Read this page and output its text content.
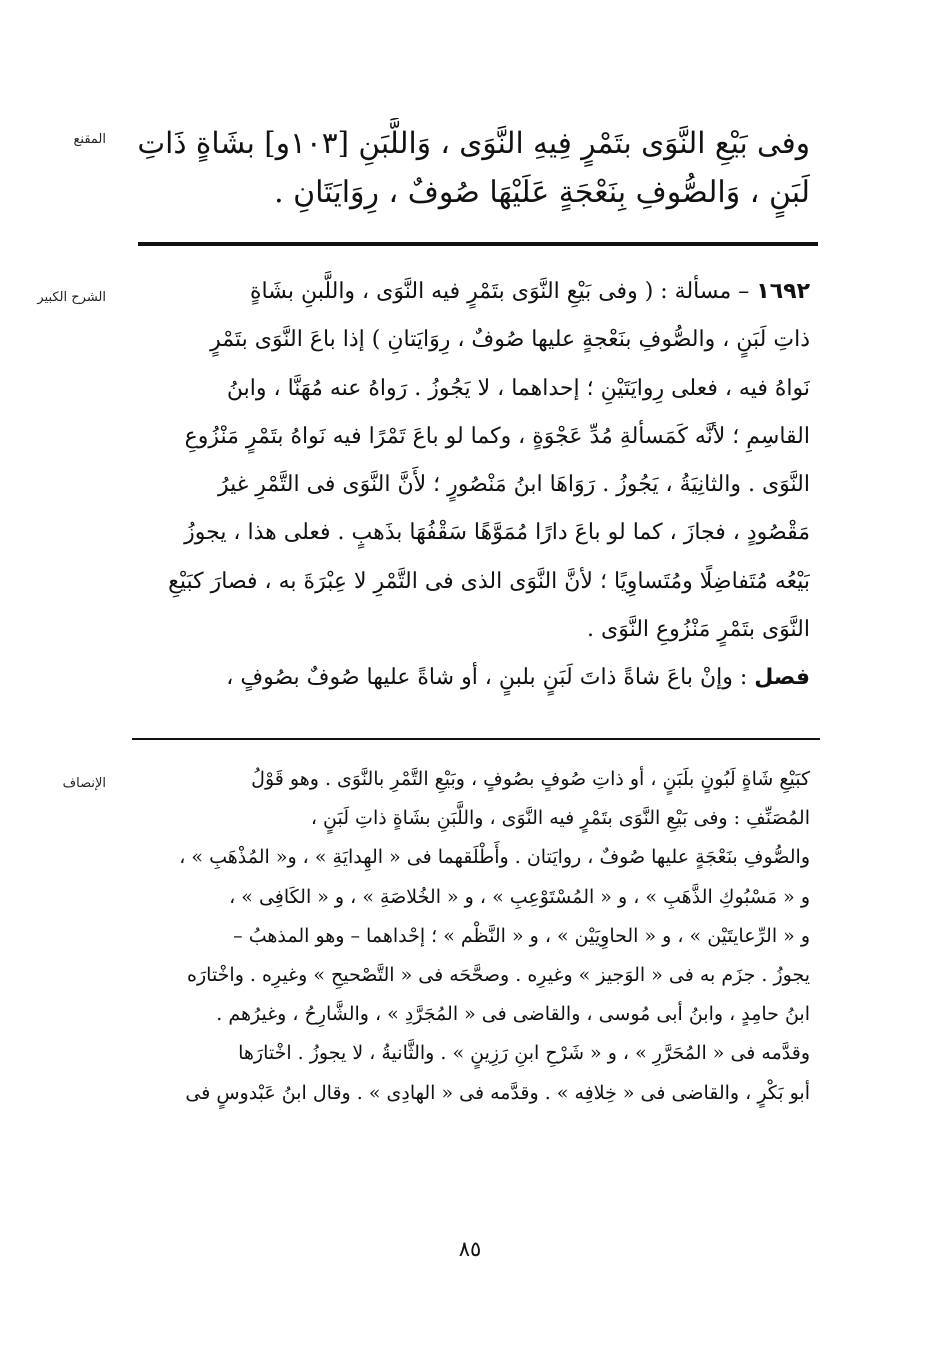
المقنع	وفى بَيْعِ النَّوَى بتَمْرٍ فِيهِ النَّوَى ، وَاللَّبَنِ [١٠٣و] بشَاةٍ ذَاتِ
لَبَنٍ ، وَالصُّوفِ بِنَعْجَةٍ عَلَيْهَا صُوفٌ ، رِوَايَتَانِ .
الشرح الكبير	١٦٩٢ – مسألة : ( وفى بَيْعِ النَّوَى بتَمْرٍ فيه النَّوَى ، واللَّبنِ بشَاةٍ
ذاتِ لَبَنٍ ، والصُّوفِ بنَعْجةٍ عليها صُوفٌ ، رِوَايَتانِ ) إذا باعَ النَّوَى بتَمْرٍ
نَواهُ فيه ، فعلى رِوايَتَيْنِ ؛ إحداهما ، لا يَجُوزُ . رَواهُ عنه مُهَنَّا ، وابنُ
القاسِمِ ؛ لأنَّه كَمَسألةِ مُدِّ عَجْوَةٍ ، وكما لو باعَ تَمْرًا فيه نَواهُ بتَمْرٍ مَنْزُوعِ
النَّوَى . والثانِيَةُ ، يَجُوزُ . رَوَاهَا ابنُ مَنْصُورٍ ؛ لأَنَّ النَّوَى فى التَّمْرِ غيرُ
مَقْصُودٍ ، فجازَ ، كما لو باعَ دارًا مُمَوَّهًا سَقْفُهَا بذَهبٍ . فعلى هذا ، يجوزُ
بَيْعُه مُتَفاضِلًا ومُتَساوِيًا ؛ لأنَّ النَّوَى الذى فى التَّمْرِ لا عِبْرَةَ به ، فصارَ كبَيْعِ
النَّوَى بتَمْرٍ مَنْزُوعِ النَّوَى .
فصل : وإنْ باعَ شاةً ذاتَ لَبَنٍ بلبنٍ ، أو شاةً عليها صُوفٌ بصُوفٍ ،
الإنصاف	كبَيْعِ شَاةٍ لَبُونٍ بلَبَنٍ ، أو ذاتِ صُوفٍ بصُوفٍ ، وبَيْعِ التَّمْرِ بالنَّوَى . وهو قَوْلُ
المُصَنِّفِ : وفى بَيْعِ النَّوَى بتَمْرٍ فيه النَّوَى ، واللَّبَنِ بشَاةٍ ذاتِ لَبَنٍ ،
والصُّوفِ بنَعْجَةٍ عليها صُوفٌ ، روايَتان . وأَطْلَقهما فى « الهِدايَةِ » ، و« المُذْهَبِ » ،
و « مَسْبُوكِ الذَّهَبِ » ، و « المُسْتَوْعِبِ » ، و « الخُلاصَةِ » ، و « الكَافِى » ،
و « الرِّعايتَيْن » ، و « الحاوِيَيْن » ، و « النَّظْم » ؛ إحْداهما – وهو المذهبُ –
يجوزُ . جزَم به فى « الوَجيز » وغيرِه . وصحَّحَه فى « التَّصْحيحِ » وغيرِه . واخْتارَه
ابنُ حامِدٍ ، وابنُ أبى مُوسى ، والقاضى فى « المُجَرَّدِ » ، والشَّارِحُ ، وغيرُهم .
وقدَّمه فى « المُحَرَّرِ » ، و « شَرْحِ ابنِ رَزِينٍ » . والثَّانيةُ ، لا يجوزُ . اخْتارَها
أبو بَكْرٍ ، والقاضى فى « خِلافِه » . وقدَّمه فى « الهادِى » . وقال ابنُ عَبْدوسٍ فى
٨٥
